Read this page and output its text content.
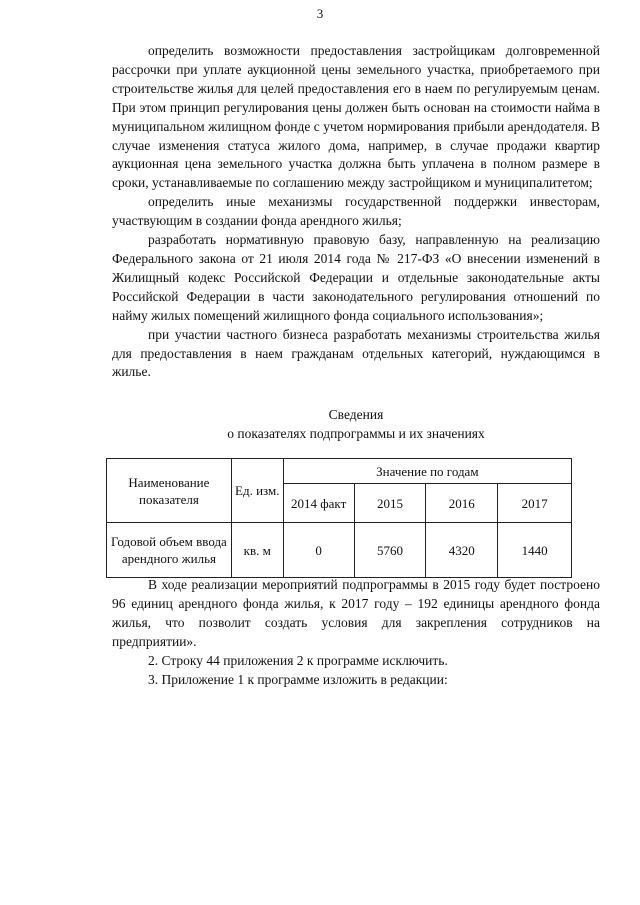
3

определить возможности предоставления застройщикам долговременной рассрочки при уплате аукционной цены земельного участка, приобретаемого при строительстве жилья для целей предоставления его в наем по регулируемым ценам. При этом принцип регулирования цены должен быть основан на стоимости найма в муниципальном жилищном фонде с учетом нормирования прибыли арендодателя. В случае изменения статуса жилого дома, например, в случае продажи квартир аукционная цена земельного участка должна быть уплачена в полном размере в сроки, устанавливаемые по соглашению между застройщиком и муниципалитетом;

определить иные механизмы государственной поддержки инвесторам, участвующим в создании фонда арендного жилья;

разработать нормативную правовую базу, направленную на реализацию Федерального закона от 21 июля 2014 года № 217-ФЗ «О внесении изменений в Жилищный кодекс Российской Федерации и отдельные законодательные акты Российской Федерации в части законодательного регулирования отношений по найму жилых помещений жилищного фонда социального использования»;

при участии частного бизнеса разработать механизмы строительства жилья для предоставления в наем гражданам отдельных категорий, нуждающимся в жилье.

Сведения
о показателях подпрограммы и их значениях
Наименование показателя	Ед. изм.	Значение по годам			
		2014 факт	2015	2016	2017
Годовой объем ввода арендного жилья	кв. м	0	5760	4320	1440

В ходе реализации мероприятий подпрограммы в 2015 году будет построено 96 единиц арендного фонда жилья, к 2017 году – 192 единицы арендного фонда жилья, что позволит создать условия для закрепления сотрудников на предприятии».

2. Строку 44 приложения 2 к программе исключить.

3. Приложение 1 к программе изложить в редакции:
